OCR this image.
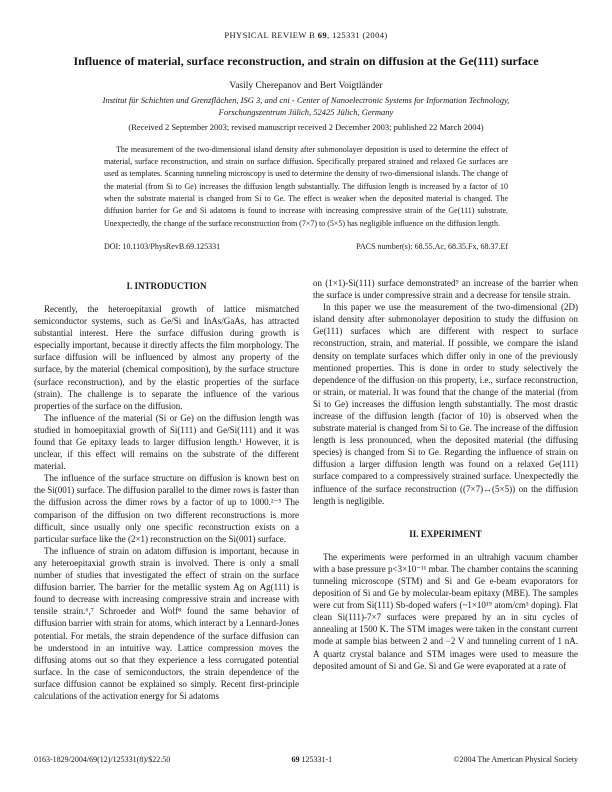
PHYSICAL REVIEW B 69, 125331 (2004)
Influence of material, surface reconstruction, and strain on diffusion at the Ge(111) surface
Vasily Cherepanov and Bert Voigtländer
Institut für Schichten und Grenzflächen, ISG 3, and cni - Center of Nanoelectronic Systems for Information Technology,
Forschungszentrum Jülich, 52425 Jülich, Germany
(Received 2 September 2003; revised manuscript received 2 December 2003; published 22 March 2004)

The measurement of the two-dimensional island density after submonolayer deposition is used to determine the effect of material, surface reconstruction, and strain on surface diffusion. Specifically prepared strained and relaxed Ge surfaces are used as templates. Scanning tunneling microscopy is used to determine the density of two-dimensional islands. The change of the material (from Si to Ge) increases the diffusion length substantially. The diffusion length is increased by a factor of 10 when the substrate material is changed from Si to Ge. The effect is weaker when the deposited material is changed. The diffusion barrier for Ge and Si adatoms is found to increase with increasing compressive strain of the Ge(111) substrate. Unexpectedly, the change of the surface reconstruction from (7×7) to (5×5) has negligible influence on the diffusion length.

DOI: 10.1103/PhysRevB.69.125331	PACS number(s): 68.55.Ac, 68.35.Fx, 68.37.Ef
I. INTRODUCTION

Recently, the heteroepitaxial growth of lattice mismatched semiconductor systems, such as Ge/Si and InAs/GaAs, has attracted substantial interest. Here the surface diffusion during growth is especially important, because it directly affects the film morphology. The surface diffusion will be influenced by almost any property of the surface, by the material (chemical composition), by the surface structure (surface reconstruction), and by the elastic properties of the surface (strain). The challenge is to separate the influence of the various properties of the surface on the diffusion.

The influence of the material (Si or Ge) on the diffusion length was studied in homoepitaxial growth of Si(111) and Ge/Si(111) and it was found that Ge epitaxy leads to larger diffusion length.¹ However, it is unclear, if this effect will remains on the substrate of the different material.

The influence of the surface structure on diffusion is known best on the Si(001) surface. The diffusion parallel to the dimer rows is faster than the diffusion across the dimer rows by a factor of up to 1000.²⁻⁵ The comparison of the diffusion on two different reconstructions is more difficult, since usually only one specific reconstruction exists on a particular surface like the (2×1) reconstruction on the Si(001) surface.

The influence of strain on adatom diffusion is important, because in any heteroepitaxial growth strain is involved. There is only a small number of studies that investigated the effect of strain on the surface diffusion barrier. The barrier for the metallic system Ag on Ag(111) is found to decrease with increasing compressive strain and increase with tensile strain.⁶,⁷ Schroeder and Wolf⁸ found the same behavior of diffusion barrier with strain for atoms, which interact by a Lennard-Jones potential. For metals, the strain dependence of the surface diffusion can be understood in an intuitive way. Lattice compression moves the diffusing atoms out so that they experience a less corrugated potential surface. In the case of semiconductors, the strain dependence of the surface diffusion cannot be explained so simply. Recent first-principle calculations of the activation energy for Si adatoms

on (1×1)-Si(111) surface demonstrated⁹ an increase of the barrier when the surface is under compressive strain and a decrease for tensile strain.

In this paper we use the measurement of the two-dimensional (2D) island density after submonolayer deposition to study the diffusion on Ge(111) surfaces which are different with respect to surface reconstruction, strain, and material. If possible, we compare the island density on template surfaces which differ only in one of the previously mentioned properties. This is done in order to study selectively the dependence of the diffusion on this property, i.e., surface reconstruction, or strain, or material. It was found that the change of the material (from Si to Ge) increases the diffusion length substantially. The most drastic increase of the diffusion length (factor of 10) is observed when the substrate material is changed from Si to Ge. The increase of the diffusion length is less pronounced, when the deposited material (the diffusing species) is changed from Si to Ge. Regarding the influence of strain on diffusion a larger diffusion length was found on a relaxed Ge(111) surface compared to a compressively strained surface. Unexpectedly the influence of the surface reconstruction ((7×7)↔(5×5)) on the diffusion length is negligible.

II. EXPERIMENT

The experiments were performed in an ultrahigh vacuum chamber with a base pressure p<3×10⁻¹¹ mbar. The chamber contains the scanning tunneling microscope (STM) and Si and Ge e-beam evaporators for deposition of Si and Ge by molecular-beam epitaxy (MBE). The samples were cut from Si(111) Sb-doped wafers (~1×10¹⁹ atom/cm³ doping). Flat clean Si(111)-7×7 surfaces were prepared by an in situ cycles of annealing at 1500 K. The STM images were taken in the constant current mode at sample bias between 2 and −2 V and tunneling current of 1 nA. A quartz crystal balance and STM images were used to measure the deposited amount of Si and Ge. Si and Ge were evaporated at a rate of

0163-1829/2004/69(12)/125331(8)/$22.50	69 125331-1	©2004 The American Physical Society
